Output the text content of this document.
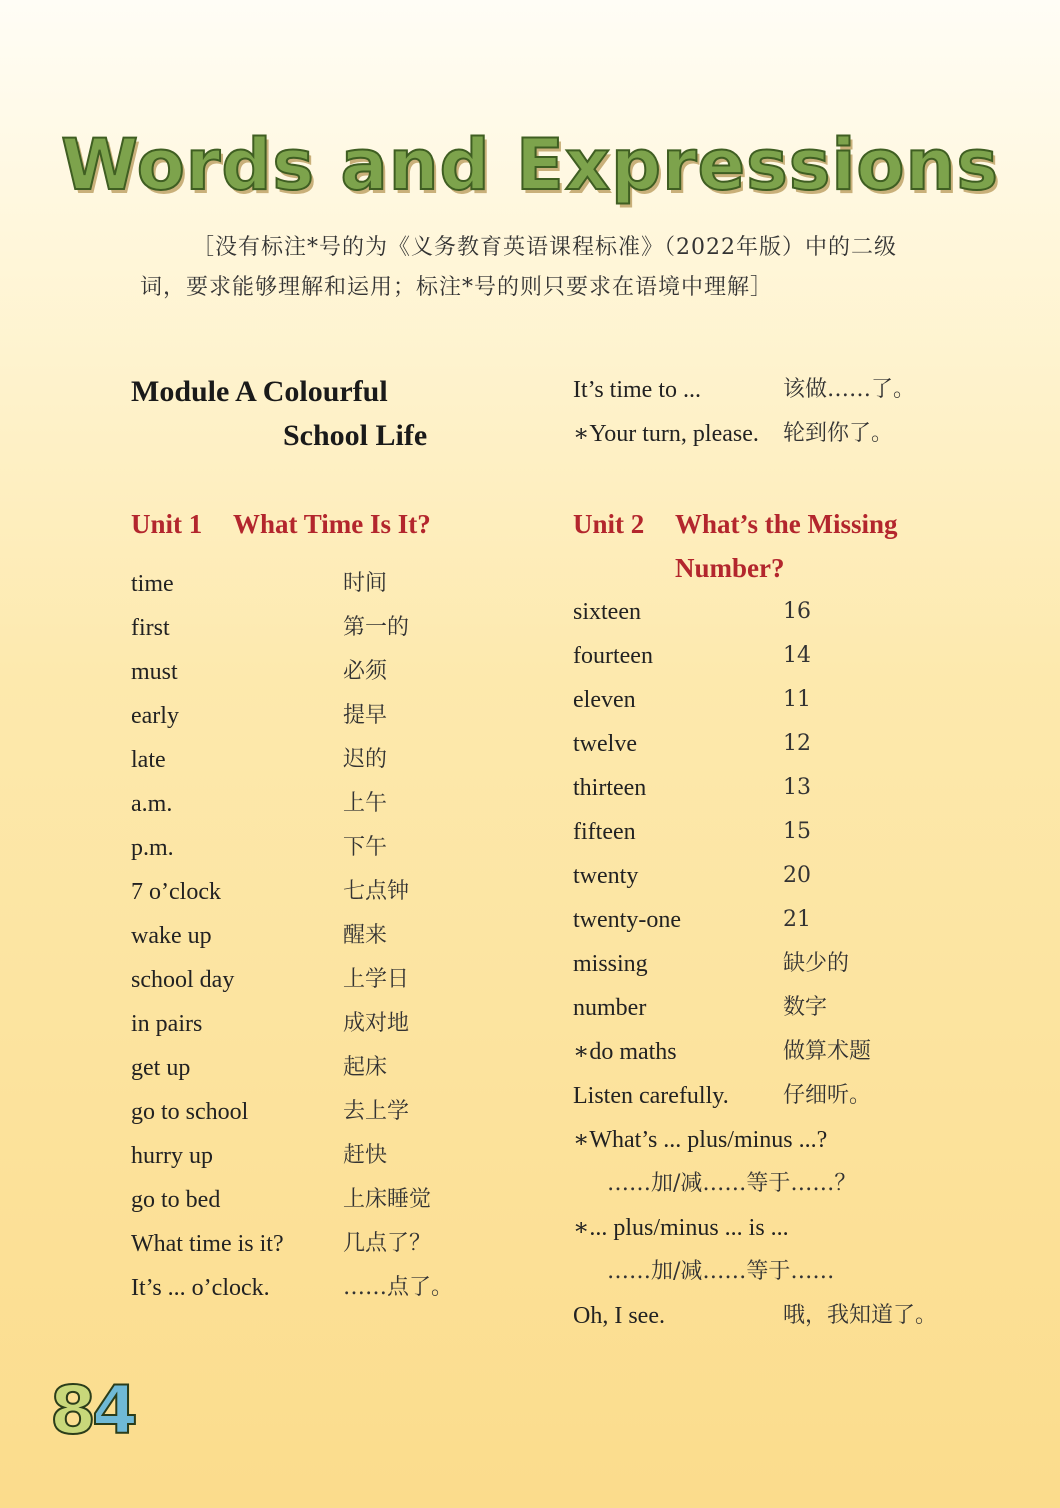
Words and Expressions
［没有标注*号的为《义务教育英语课程标准》（2022年版）中的二级词，要求能够理解和运用；标注*号的则只要求在语境中理解］
Module A Colourful
School Life
Unit 1 What Time Is It?
time	时间
first	第一的
must	必须
early	提早
late	迟的
a.m.	上午
p.m.	下午
7 o’clock	七点钟
wake up	醒来
school day	上学日
in pairs	成对地
get up	起床
go to school	去上学
hurry up	赶快
go to bed	上床睡觉
What time is it?	几点了？
It’s ... o’clock.	……点了。
It’s time to ...	该做……了。
∗Your turn, please. 轮到你了。
Unit 2 What’s the Missing
Number?
sixteen	16
fourteen	14
eleven	11
twelve	12
thirteen	13
fifteen	15
twenty	20
twenty-one	21
missing	缺少的
number	数字
∗do maths	做算术题
Listen carefully. 仔细听。
∗What’s ... plus/minus ...?
……加/减……等于……？
∗... plus/minus ... is ...
……加/减……等于……
Oh, I see.	哦，我知道了。
84
